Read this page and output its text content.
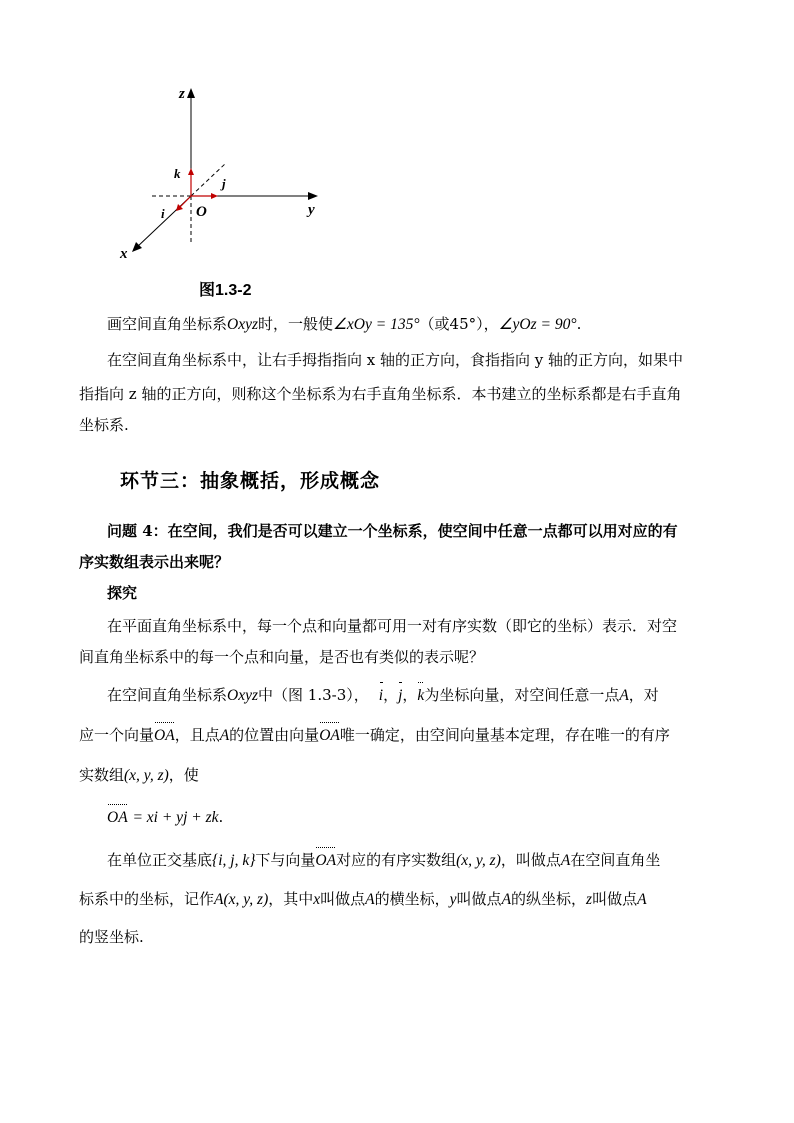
z
y
x
O
k
j
i
图1.3-2
画空间直角坐标系Oxyz时，一般使∠xOy = 135°（或45°），∠yOz = 90°.
在空间直角坐标系中，让右手拇指指向 x 轴的正方向，食指指向 y 轴的正方向，如果中
指指向 z 轴的正方向，则称这个坐标系为右手直角坐标系．本书建立的坐标系都是右手直角
坐标系.
环节三：抽象概括，形成概念
问题 4：在空间，我们是否可以建立一个坐标系，使空间中任意一点都可以用对应的有
序实数组表示出来呢？
探究
在平面直角坐标系中，每一个点和向量都可用一对有序实数（即它的坐标）表示．对空
间直角坐标系中的每一个点和向量，是否也有类似的表示呢？
在空间直角坐标系Oxyz中（图 1.3-3）， i，j，k为坐标向量，对空间任意一点A，对
应一个向量OA，且点A的位置由向量OA唯一确定，由空间向量基本定理，存在唯一的有序
实数组(x, y, z)，使
OA = xi + yj + zk.
在单位正交基底{i, j, k}下与向量OA对应的有序实数组(x, y, z)，叫做点A在空间直角坐
标系中的坐标，记作A(x, y, z)，其中x叫做点A的横坐标，y叫做点A的纵坐标，z叫做点A
的竖坐标.
